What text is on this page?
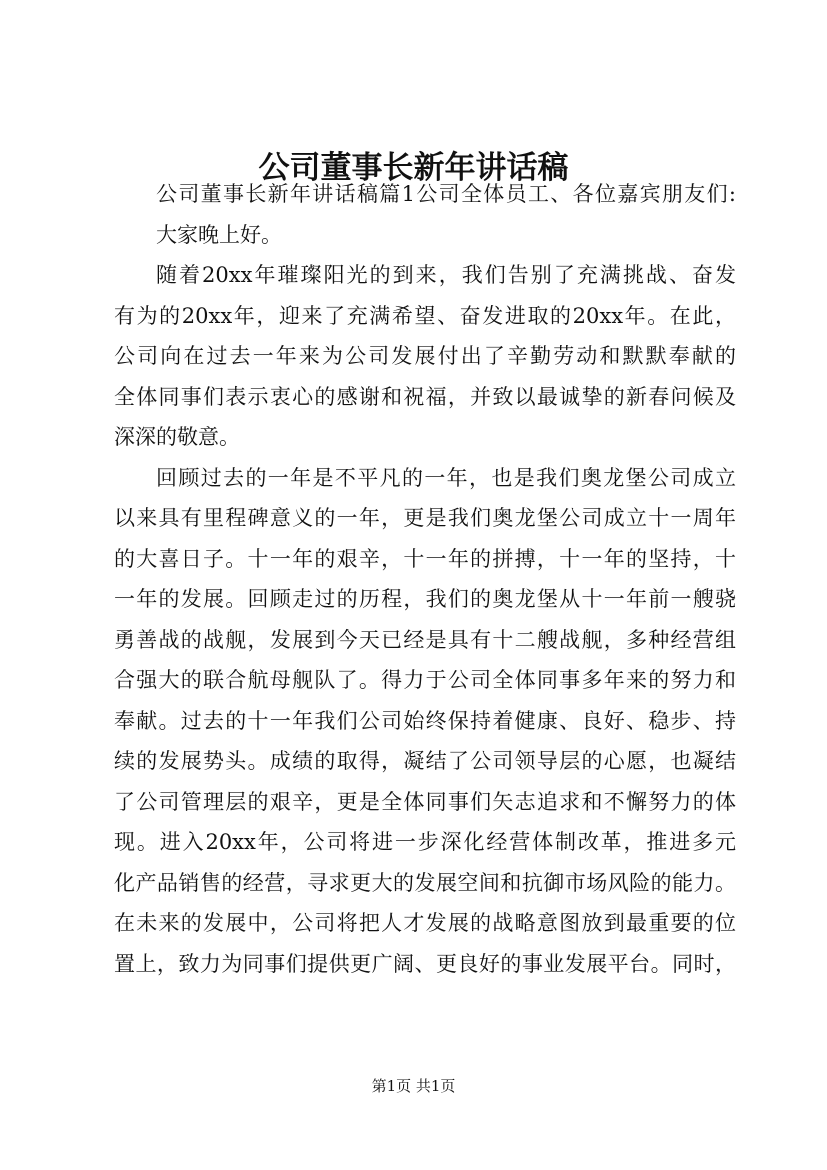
公司董事长新年讲话稿
公司董事长新年讲话稿篇1公司全体员工、各位嘉宾朋友们:
大家晚上好。
随着20xx年璀璨阳光的到来，我们告别了充满挑战、奋发
有为的20xx年，迎来了充满希望、奋发进取的20xx年。在此，
公司向在过去一年来为公司发展付出了辛勤劳动和默默奉献的
全体同事们表示衷心的感谢和祝福，并致以最诚挚的新春问候及
深深的敬意。
回顾过去的一年是不平凡的一年，也是我们奥龙堡公司成立
以来具有里程碑意义的一年，更是我们奥龙堡公司成立十一周年
的大喜日子。十一年的艰辛，十一年的拼搏，十一年的坚持，十
一年的发展。回顾走过的历程，我们的奥龙堡从十一年前一艘骁
勇善战的战舰，发展到今天已经是具有十二艘战舰，多种经营组
合强大的联合航母舰队了。得力于公司全体同事多年来的努力和
奉献。过去的十一年我们公司始终保持着健康、良好、稳步、持
续的发展势头。成绩的取得，凝结了公司领导层的心愿，也凝结
了公司管理层的艰辛，更是全体同事们矢志追求和不懈努力的体
现。进入20xx年，公司将进一步深化经营体制改革，推进多元
化产品销售的经营，寻求更大的发展空间和抗御市场风险的能力。
在未来的发展中，公司将把人才发展的战略意图放到最重要的位
置上，致力为同事们提供更广阔、更良好的事业发展平台。同时，
第1页 共1页
